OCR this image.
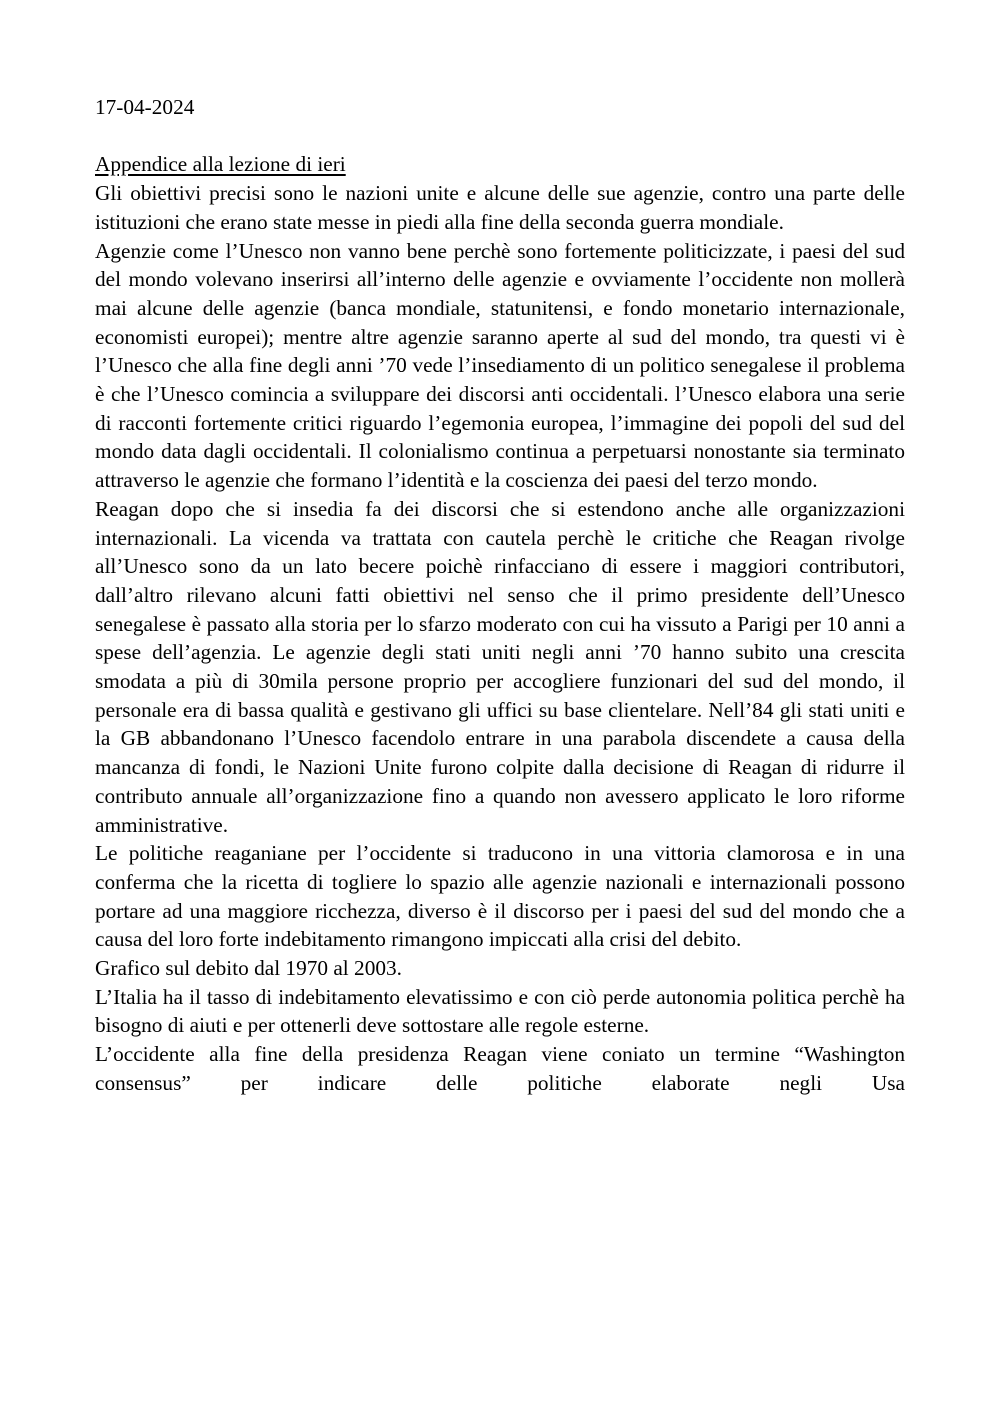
17-04-2024
Appendice alla lezione di ieri

Gli obiettivi precisi sono le nazioni unite e alcune delle sue agenzie, contro una parte delle istituzioni che erano state messe in piedi alla fine della seconda guerra mondiale.

Agenzie come l’Unesco non vanno bene perchè sono fortemente politicizzate, i paesi del sud del mondo volevano inserirsi all’interno delle agenzie e ovviamente l’occidente non mollerà mai alcune delle agenzie (banca mondiale, statunitensi, e fondo monetario internazionale, economisti europei); mentre altre agenzie saranno aperte al sud del mondo, tra questi vi è l’Unesco che alla fine degli anni ’70 vede l’insediamento di un politico senegalese il problema è che l’Unesco comincia a sviluppare dei discorsi anti occidentali. l’Unesco elabora una serie di racconti fortemente critici riguardo l’egemonia europea, l’immagine dei popoli del sud del mondo data dagli occidentali. Il colonialismo continua a perpetuarsi nonostante sia terminato attraverso le agenzie che formano l’identità e la coscienza dei paesi del terzo mondo.

Reagan dopo che si insedia fa dei discorsi che si estendono anche alle organizzazioni internazionali. La vicenda va trattata con cautela perchè le critiche che Reagan rivolge all’Unesco sono da un lato becere poichè rinfacciano di essere i maggiori contributori, dall’altro rilevano alcuni fatti obiettivi nel senso che il primo presidente dell’Unesco senegalese è passato alla storia per lo sfarzo moderato con cui ha vissuto a Parigi per 10 anni a spese dell’agenzia. Le agenzie degli stati uniti negli anni ’70 hanno subito una crescita smodata a più di 30mila persone proprio per accogliere funzionari del sud del mondo, il personale era di bassa qualità e gestivano gli uffici su base clientelare. Nell’84 gli stati uniti e la GB abbandonano l’Unesco facendolo entrare in una parabola discendete a causa della mancanza di fondi, le Nazioni Unite furono colpite dalla decisione di Reagan di ridurre il contributo annuale all’organizzazione fino a quando non avessero applicato le loro riforme amministrative.

Le politiche reaganiane per l’occidente si traducono in una vittoria clamorosa e in una conferma che la ricetta di togliere lo spazio alle agenzie nazionali e internazionali possono portare ad una maggiore ricchezza, diverso è il discorso per i paesi del sud del mondo che a causa del loro forte indebitamento rimangono impiccati alla crisi del debito.

Grafico sul debito dal 1970 al 2003.

L’Italia ha il tasso di indebitamento elevatissimo e con ciò perde autonomia politica perchè ha bisogno di aiuti e per ottenerli deve sottostare alle regole esterne.

L’occidente alla fine della presidenza Reagan viene coniato un termine “Washington consensus” per indicare delle politiche elaborate negli Usa
